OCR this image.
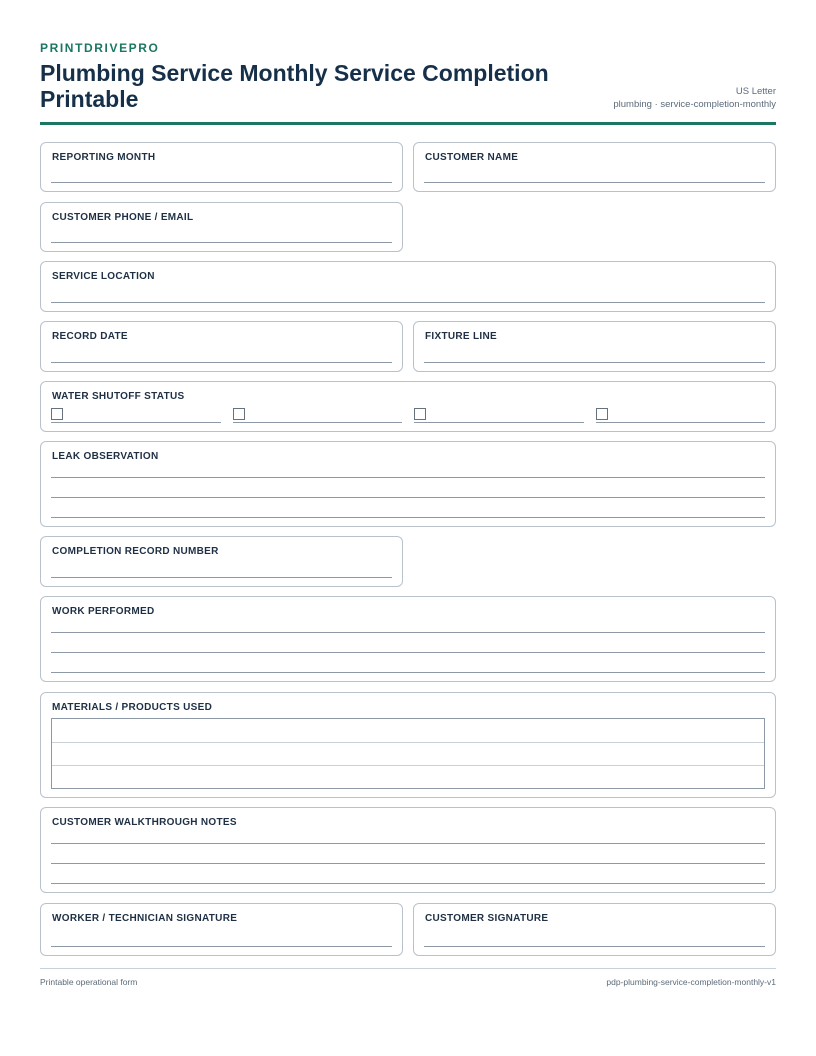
PRINTDRIVEPRO
Plumbing Service Monthly Service Completion Printable	US Letter
plumbing · service-completion-monthly
REPORTING MONTH	CUSTOMER NAME
CUSTOMER PHONE / EMAIL
SERVICE LOCATION
RECORD DATE	FIXTURE LINE
WATER SHUTOFF STATUS
LEAK OBSERVATION
COMPLETION RECORD NUMBER
WORK PERFORMED
MATERIALS / PRODUCTS USED
CUSTOMER WALKTHROUGH NOTES
WORKER / TECHNICIAN SIGNATURE	CUSTOMER SIGNATURE
Printable operational form	pdp-plumbing-service-completion-monthly-v1
